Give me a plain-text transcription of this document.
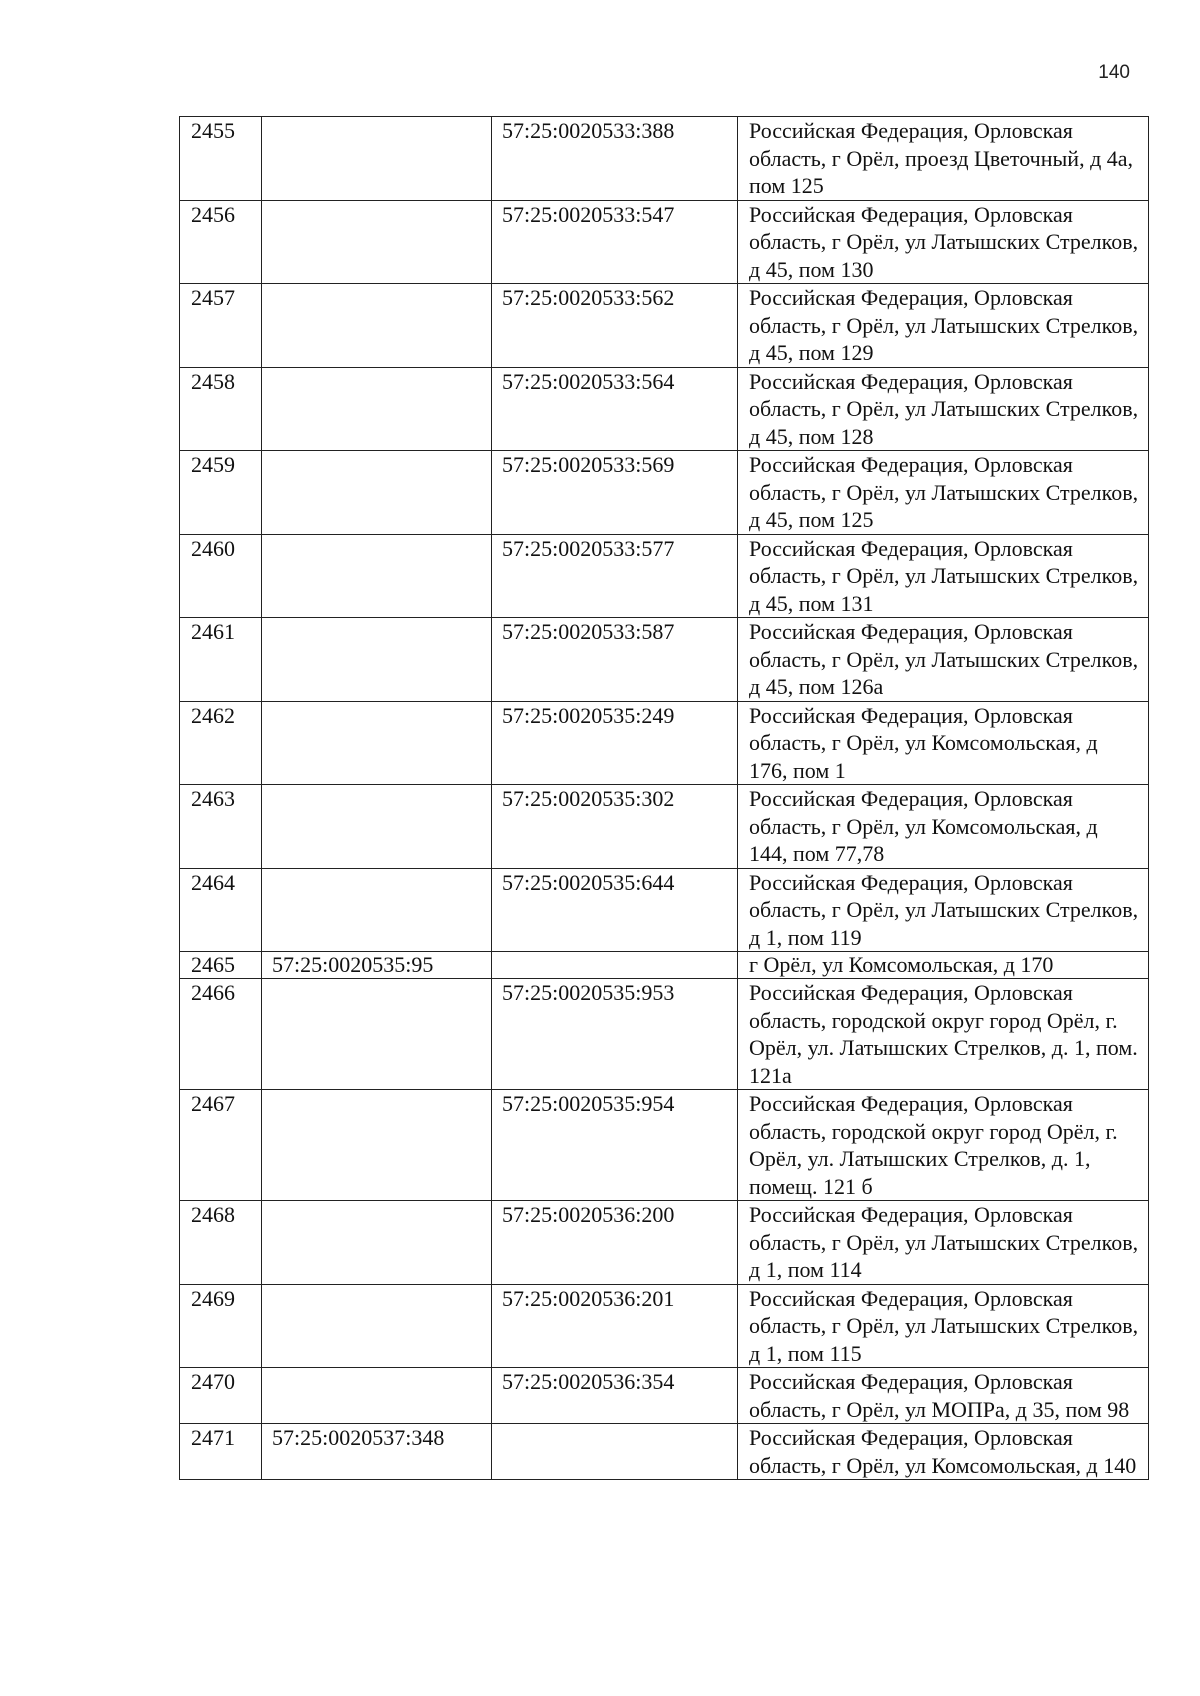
140
2455		57:25:0020533:388	Российская Федерация, Орловская область, г Орёл, проезд Цветочный, д 4а, пом 125
2456		57:25:0020533:547	Российская Федерация, Орловская область, г Орёл, ул Латышских Стрелков, д 45, пом 130
2457		57:25:0020533:562	Российская Федерация, Орловская область, г Орёл, ул Латышских Стрелков, д 45, пом 129
2458		57:25:0020533:564	Российская Федерация, Орловская область, г Орёл, ул Латышских Стрелков, д 45, пом 128
2459		57:25:0020533:569	Российская Федерация, Орловская область, г Орёл, ул Латышских Стрелков, д 45, пом 125
2460		57:25:0020533:577	Российская Федерация, Орловская область, г Орёл, ул Латышских Стрелков, д 45, пом 131
2461		57:25:0020533:587	Российская Федерация, Орловская область, г Орёл, ул Латышских Стрелков, д 45, пом 126а
2462		57:25:0020535:249	Российская Федерация, Орловская область, г Орёл, ул Комсомольская, д 176, пом 1
2463		57:25:0020535:302	Российская Федерация, Орловская область, г Орёл, ул Комсомольская, д 144, пом 77,78
2464		57:25:0020535:644	Российская Федерация, Орловская область, г Орёл, ул Латышских Стрелков, д 1, пом 119
2465	57:25:0020535:95		г Орёл, ул Комсомольская, д 170
2466		57:25:0020535:953	Российская Федерация, Орловская область, городской округ город Орёл, г. Орёл, ул. Латышских Стрелков, д. 1, пом. 121а
2467		57:25:0020535:954	Российская Федерация, Орловская область, городской округ город Орёл, г. Орёл, ул. Латышских Стрелков, д. 1, помещ. 121 б
2468		57:25:0020536:200	Российская Федерация, Орловская область, г Орёл, ул Латышских Стрелков, д 1, пом 114
2469		57:25:0020536:201	Российская Федерация, Орловская область, г Орёл, ул Латышских Стрелков, д 1, пом 115
2470		57:25:0020536:354	Российская Федерация, Орловская область, г Орёл, ул МОПРа, д 35, пом 98
2471	57:25:0020537:348		Российская Федерация, Орловская область, г Орёл, ул Комсомольская, д 140
